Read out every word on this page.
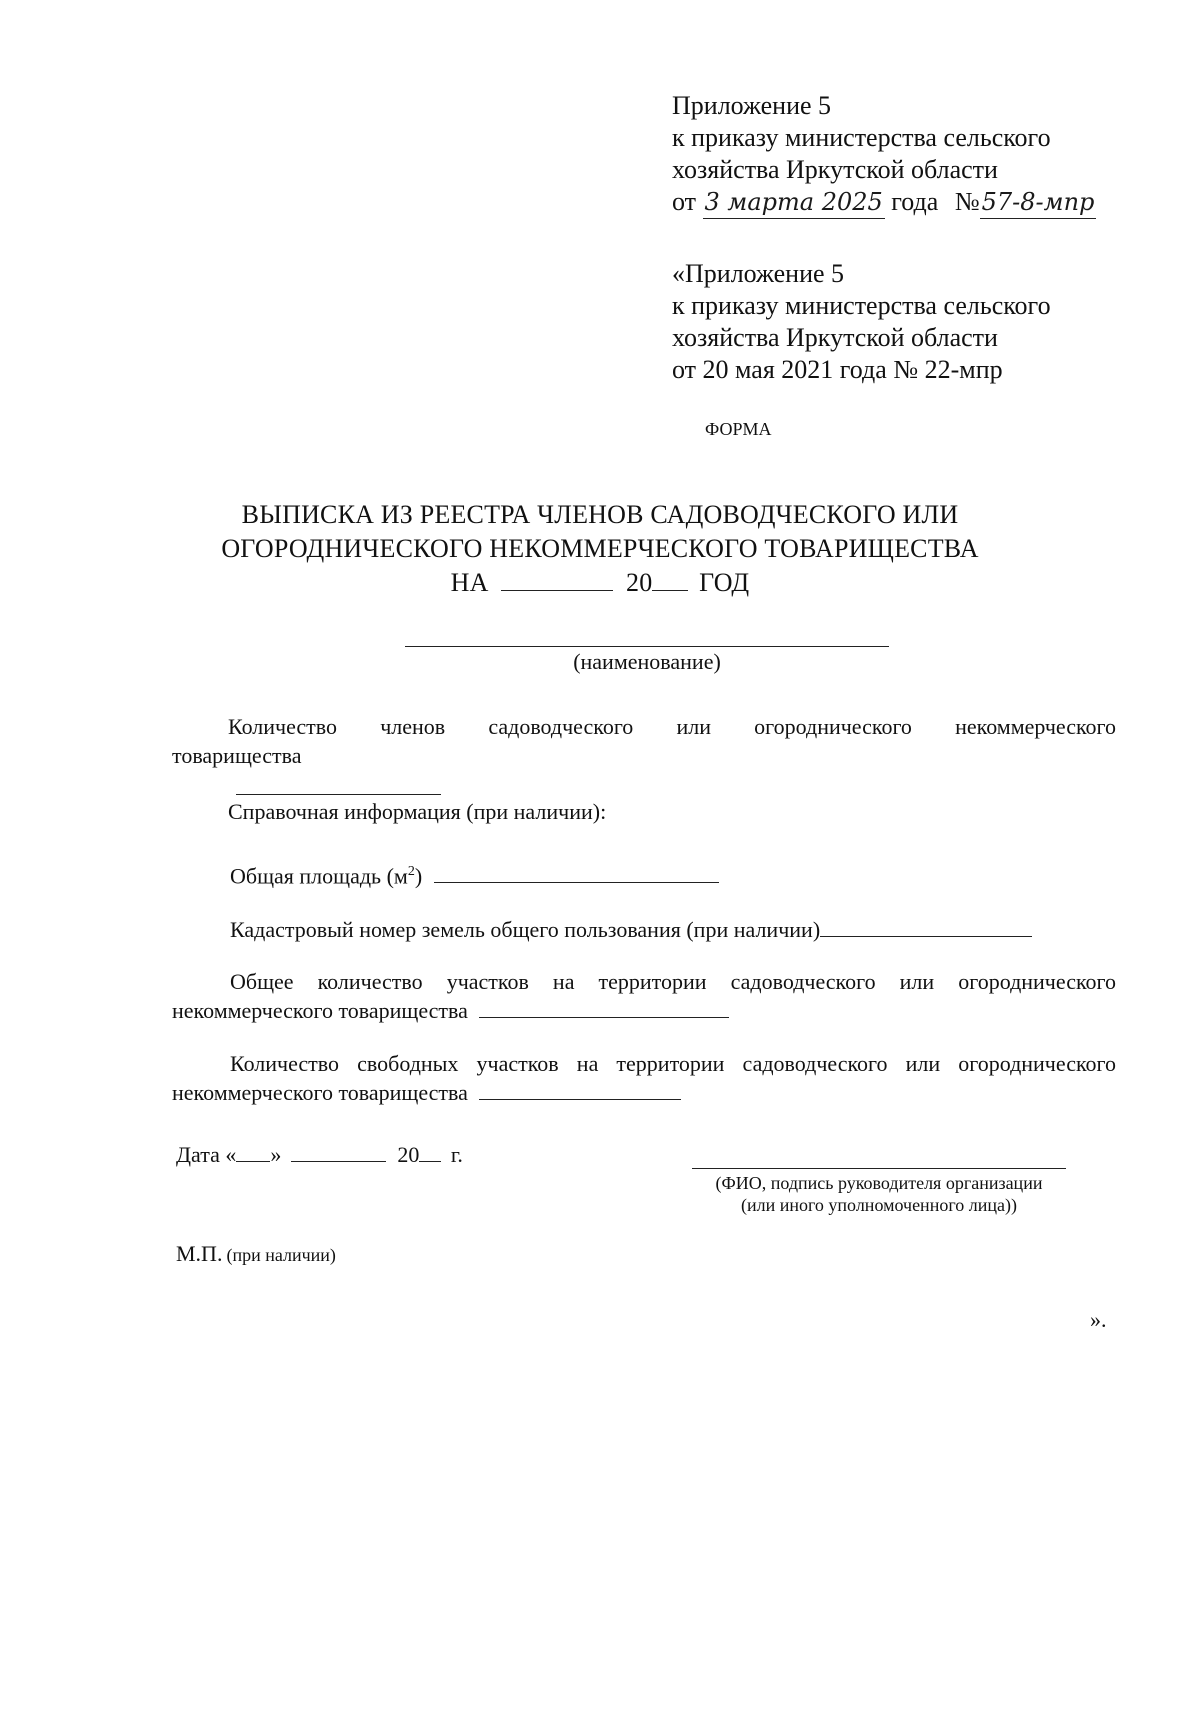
Приложение 5
к приказу министерства сельского
хозяйства Иркутской области
от 3 марта 2025 года №57-8-мпр
«Приложение 5
к приказу министерства сельского
хозяйства Иркутской области
от 20 мая 2021 года № 22-мпр
ФОРМА
ВЫПИСКА ИЗ РЕЕСТРА ЧЛЕНОВ САДОВОДЧЕСКОГО ИЛИ
ОГОРОДНИЧЕСКОГО НЕКОММЕРЧЕСКОГО ТОВАРИЩЕСТВА
НА	20 ГОД
(наименование)
Количество членов садоводческого или огороднического некоммерческого
товарищества
Справочная информация (при наличии):
Общая площадь $(м^2)$
Кадастровый номер земель общего пользования (при наличии)
Общее количество участков на территории садоводческого или огороднического
некоммерческого товарищества
Количество свободных участков на территории садоводческого или огороднического
некоммерческого товарищества
Дата « »	20 г.
(ФИО, подпись руководителя организации
(или иного уполномоченного лица))
М.П. (при наличии)
».
